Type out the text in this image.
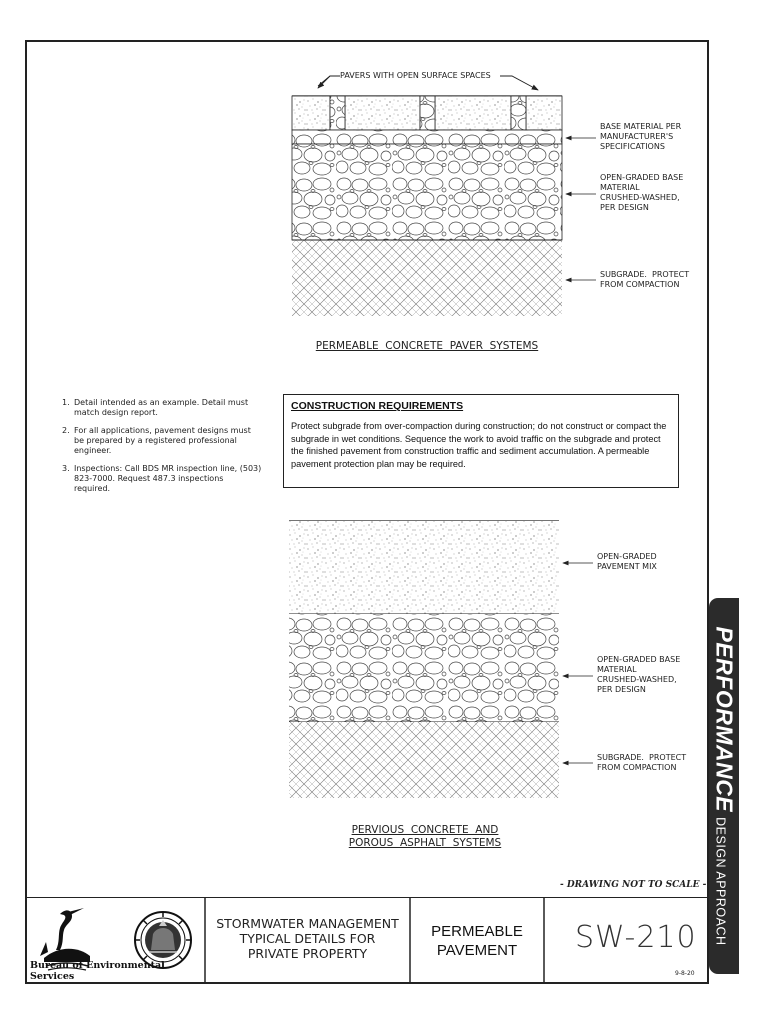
PAVERS WITH OPEN SURFACE SPACES
BASE MATERIAL PER
MANUFACTURER'S
SPECIFICATIONS
OPEN-GRADED BASE
MATERIAL
CRUSHED-WASHED,
PER DESIGN
SUBGRADE.  PROTECT
FROM COMPACTION
PERMEABLE  CONCRETE  PAVER  SYSTEMS
1. Detail intended as an example. Detail must match design report.
2. For all applications, pavement designs must be prepared by a registered professional engineer.
3. Inspections: Call BDS MR inspection line, (503) 823-7000. Request 487.3 inspections required.
CONSTRUCTION REQUIREMENTS
Protect subgrade from over-compaction during construction; do not construct or compact the subgrade in wet conditions. Sequence the work to avoid traffic on the subgrade and protect the finished pavement from construction traffic and sediment accumulation. A permeable pavement protection plan may be required.
OPEN-GRADED
PAVEMENT MIX
OPEN-GRADED BASE
MATERIAL
CRUSHED-WASHED,
PER DESIGN
SUBGRADE.  PROTECT
FROM COMPACTION
PERVIOUS  CONCRETE  AND
POROUS  ASPHALT  SYSTEMS
- DRAWING NOT TO SCALE -
Bureau of Environmental Services
STORMWATER MANAGEMENT
TYPICAL DETAILS FOR
PRIVATE PROPERTY
PERMEABLE
PAVEMENT	SW-210
9-8-20
PERFORMANCEDESIGN APPROACH
